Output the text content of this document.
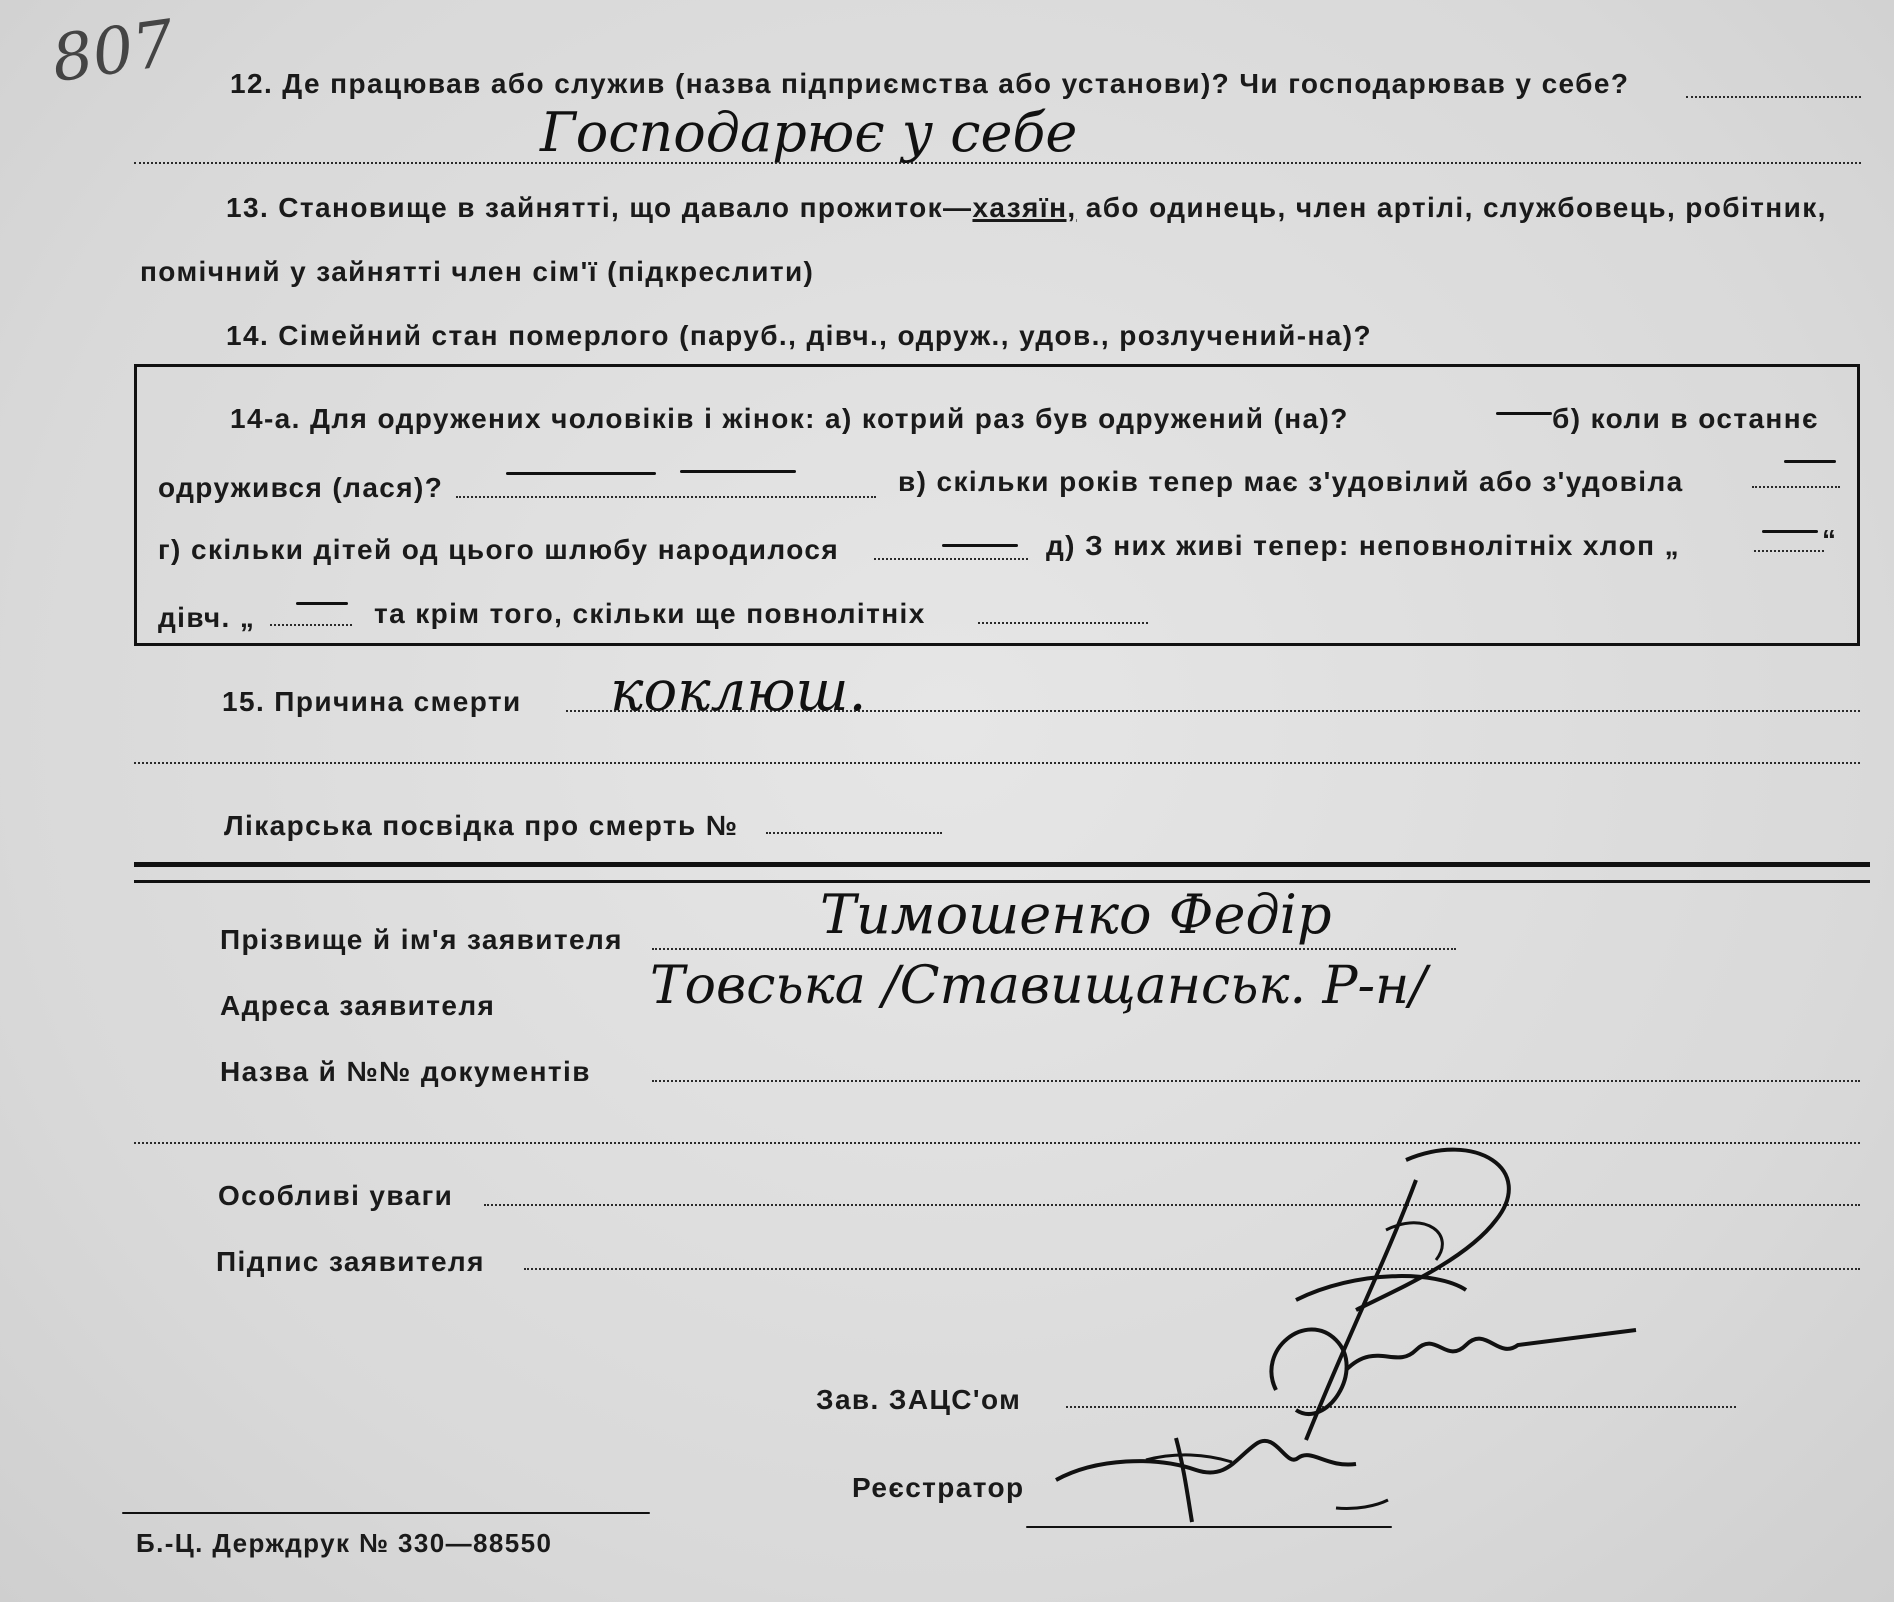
807 12. Де працював або служив (назва підприємства або установи)? Чи господарював у себе?
Господарює у себе
13. Становище в зайнятті, що давало прожиток—хазяїн, або одинець, член артілі, службовець, робітник,
помічний у зайнятті член сім'ї (підкреслити)
14. Сімейний стан померлого (паруб., дівч., одруж., удов., розлучений-на)?
14-а. Для одружених чоловіків і жінок: а) котрий раз був одружений (на)?	б) коли в останнє
одружився (лася)?	в) скільки років тепер має з'удовілий або з'удовіла
г) скільки дітей од цього шлюбу народилося	д) З них живі тепер: неповнолітніх хлоп „	“
дівч. „	та крім того, скільки ще повнолітніх
15. Причина смерти коклюш.
Лікарська посвідка про смерть №
Прізвище й ім'я заявителя	Тимошенко Федір
Адреса заявителя	Товська /Ставищанськ. Р-н/
Назва й №№ документів
Особливі уваги
Підпис заявителя
Зав. ЗАЦС'ом
Реєстратор
Б.-Ц. Держдрук № 330—88550
